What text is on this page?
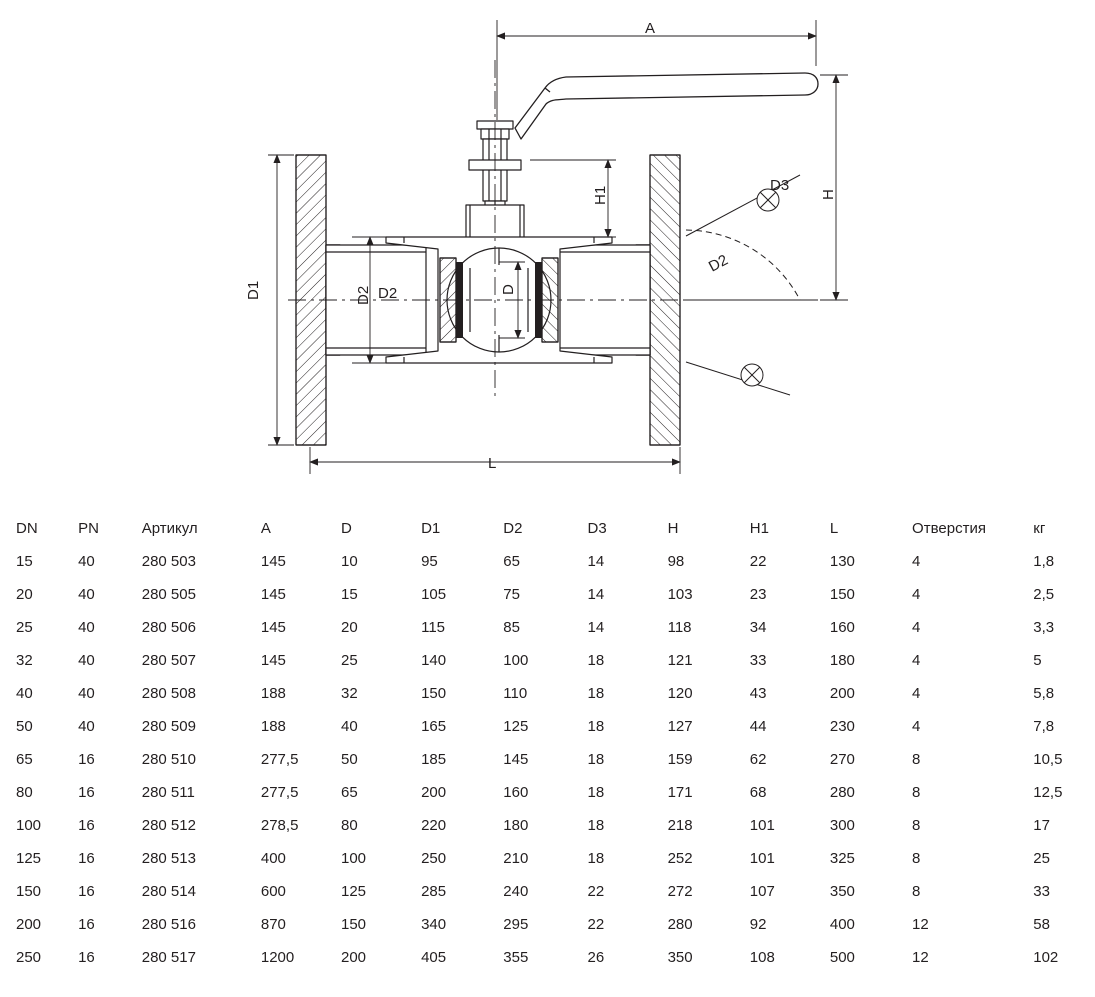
A
H
H1
D1	D2	D
D2
D2
D3
L
DN	PN	Артикул	A	D	D1	D2	D3	H	H1	L	Отверстия	кг
15	40	280 503	145	10	95	65	14	98	22	130	4	1,8
20	40	280 505	145	15	105	75	14	103	23	150	4	2,5
25	40	280 506	145	20	115	85	14	118	34	160	4	3,3
32	40	280 507	145	25	140	100	18	121	33	180	4	5
40	40	280 508	188	32	150	110	18	120	43	200	4	5,8
50	40	280 509	188	40	165	125	18	127	44	230	4	7,8
65	16	280 510	277,5	50	185	145	18	159	62	270	8	10,5
80	16	280 511	277,5	65	200	160	18	171	68	280	8	12,5
100	16	280 512	278,5	80	220	180	18	218	101	300	8	17
125	16	280 513	400	100	250	210	18	252	101	325	8	25
150	16	280 514	600	125	285	240	22	272	107	350	8	33
200	16	280 516	870	150	340	295	22	280	92	400	12	58
250	16	280 517	1200	200	405	355	26	350	108	500	12	102
